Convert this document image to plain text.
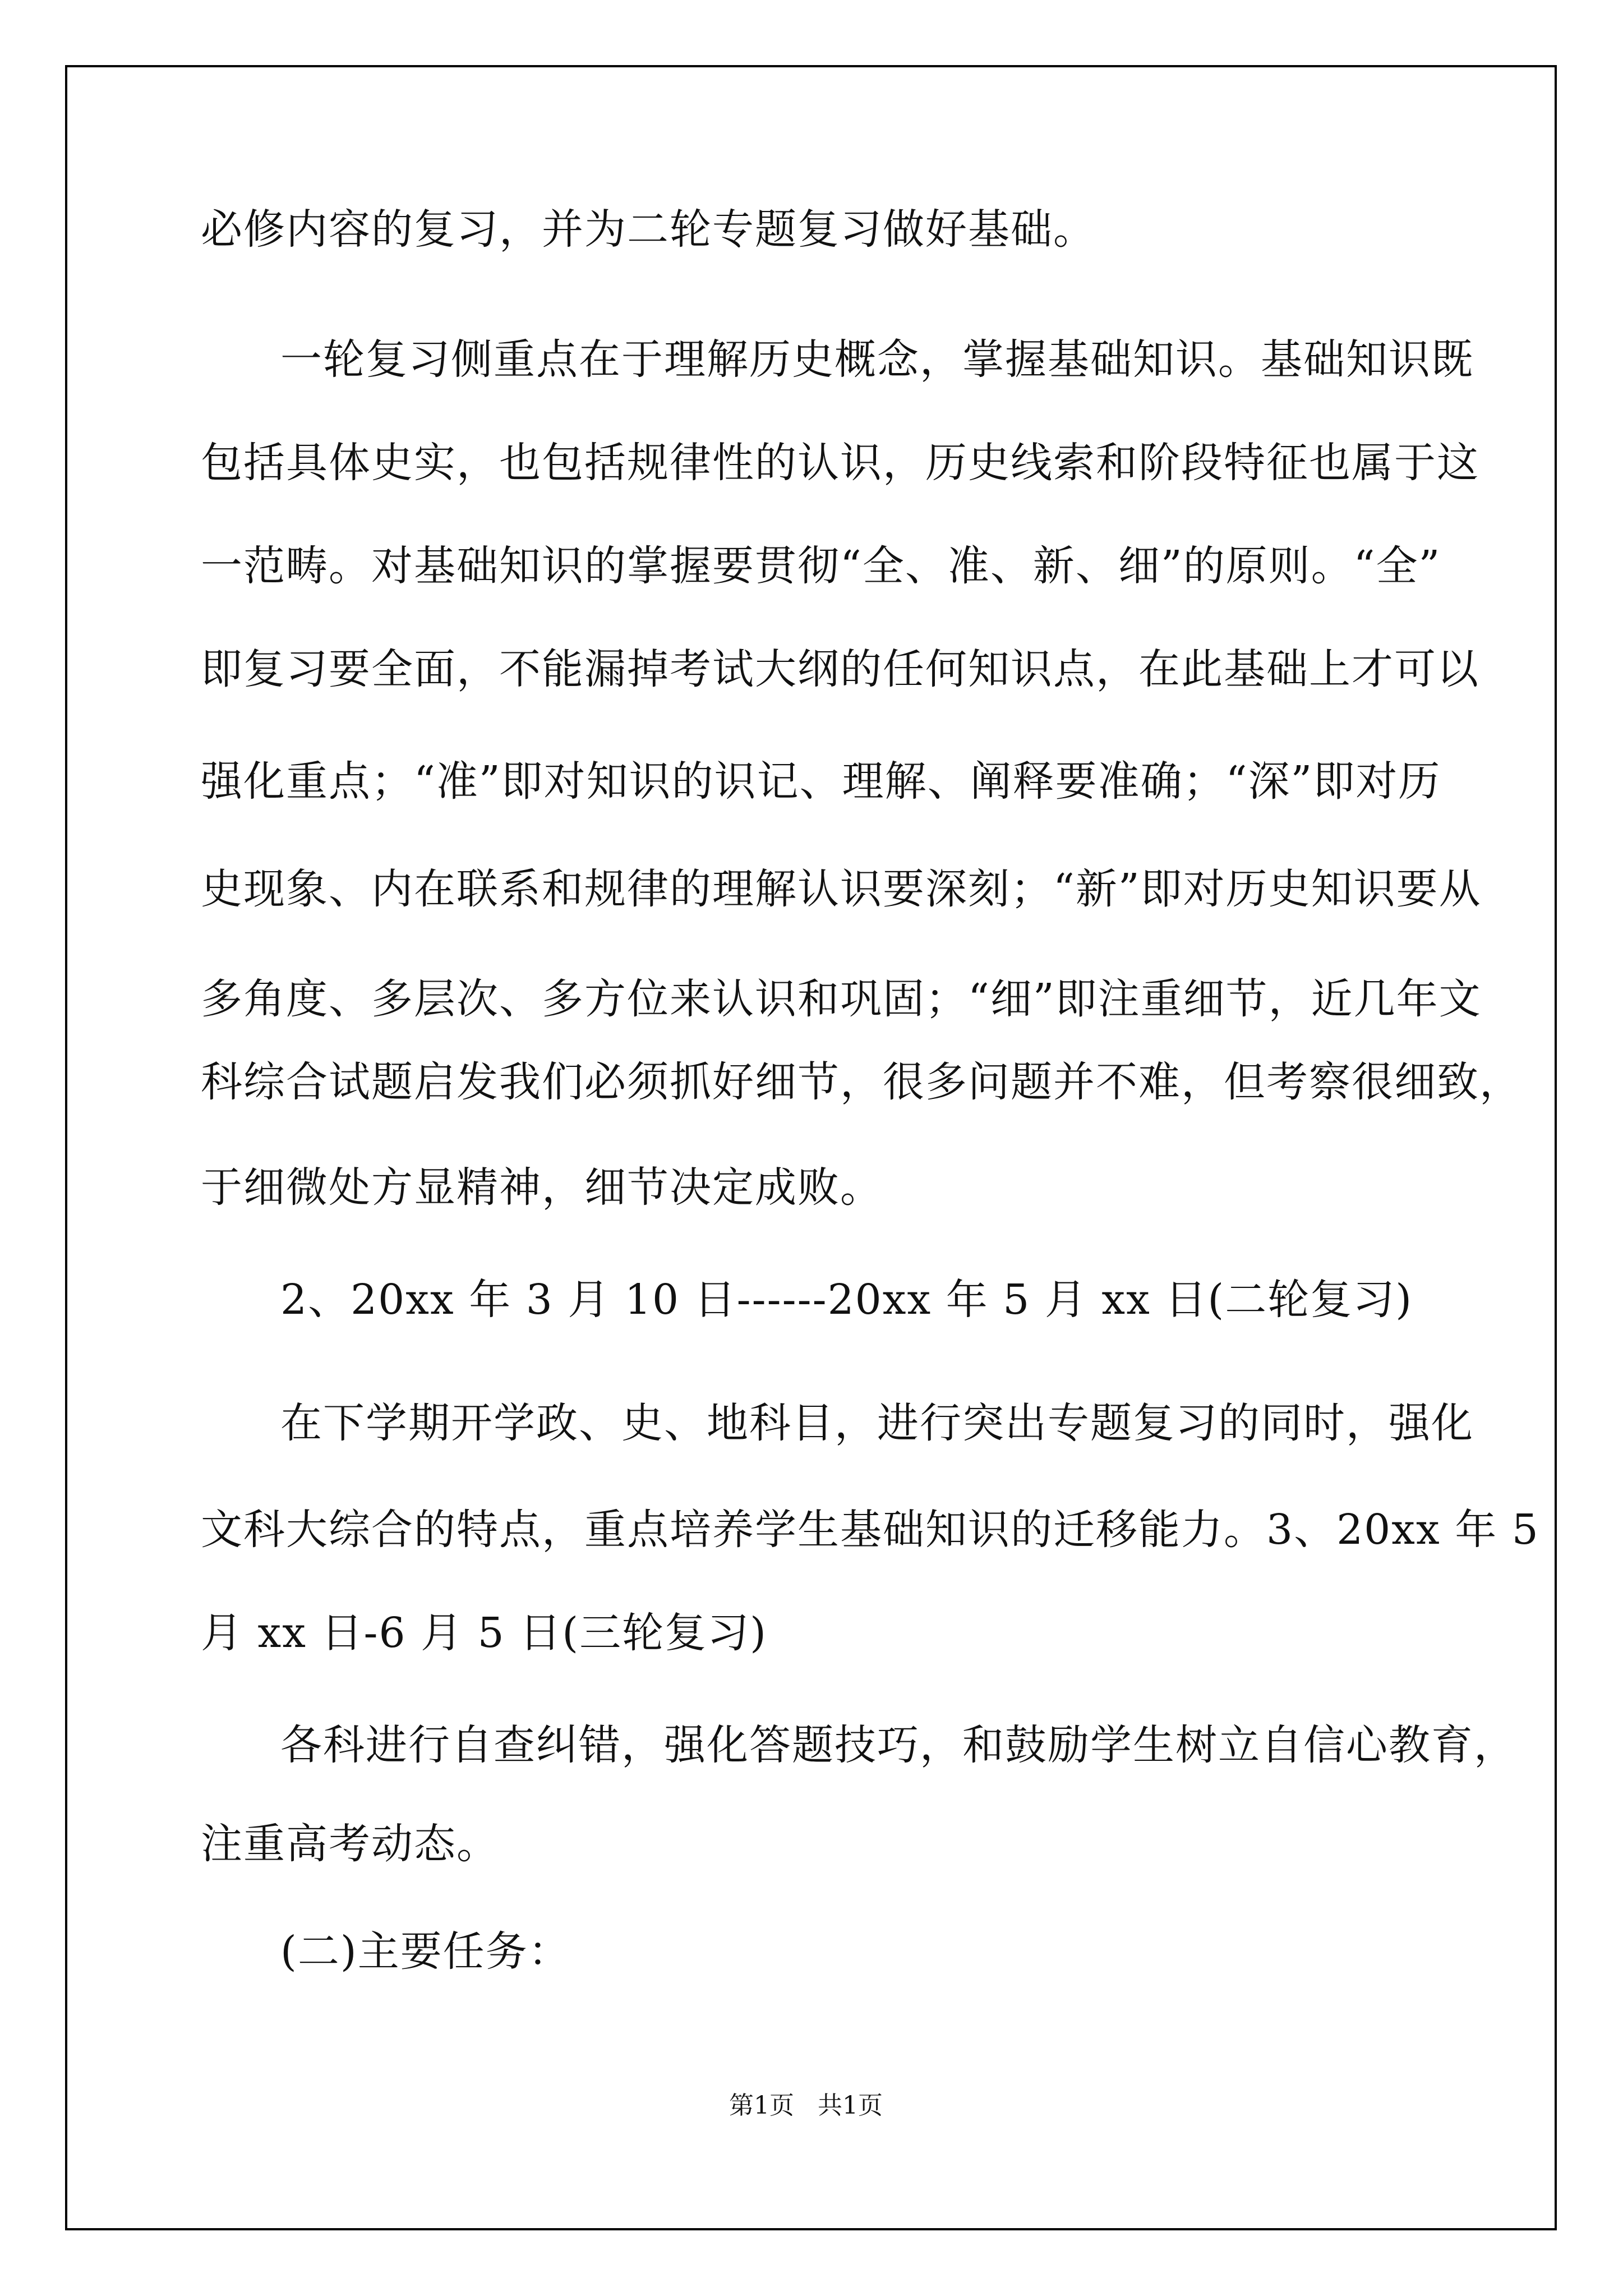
必修内容的复习，并为二轮专题复习做好基础。

一轮复习侧重点在于理解历史概念，掌握基础知识。基础知识既

包括具体史实，也包括规律性的认识，历史线索和阶段特征也属于这

一范畴。对基础知识的掌握要贯彻“全、准、新、细”的原则。“全”

即复习要全面，不能漏掉考试大纲的任何知识点，在此基础上才可以

强化重点；“准”即对知识的识记、理解、阐释要准确；“深”即对历

史现象、内在联系和规律的理解认识要深刻；“新”即对历史知识要从

多角度、多层次、多方位来认识和巩固；“细”即注重细节，近几年文

科综合试题启发我们必须抓好细节，很多问题并不难，但考察很细致，

于细微处方显精神，细节决定成败。

2、20xx 年 3 月 10 日------20xx 年 5 月 xx 日(二轮复习)

在下学期开学政、史、地科目，进行突出专题复习的同时，强化

文科大综合的特点，重点培养学生基础知识的迁移能力。3、20xx 年 5

月 xx 日-6 月 5 日(三轮复习)

各科进行自查纠错，强化答题技巧，和鼓励学生树立自信心教育，

注重高考动态。

(二)主要任务：

第1页   共1页
